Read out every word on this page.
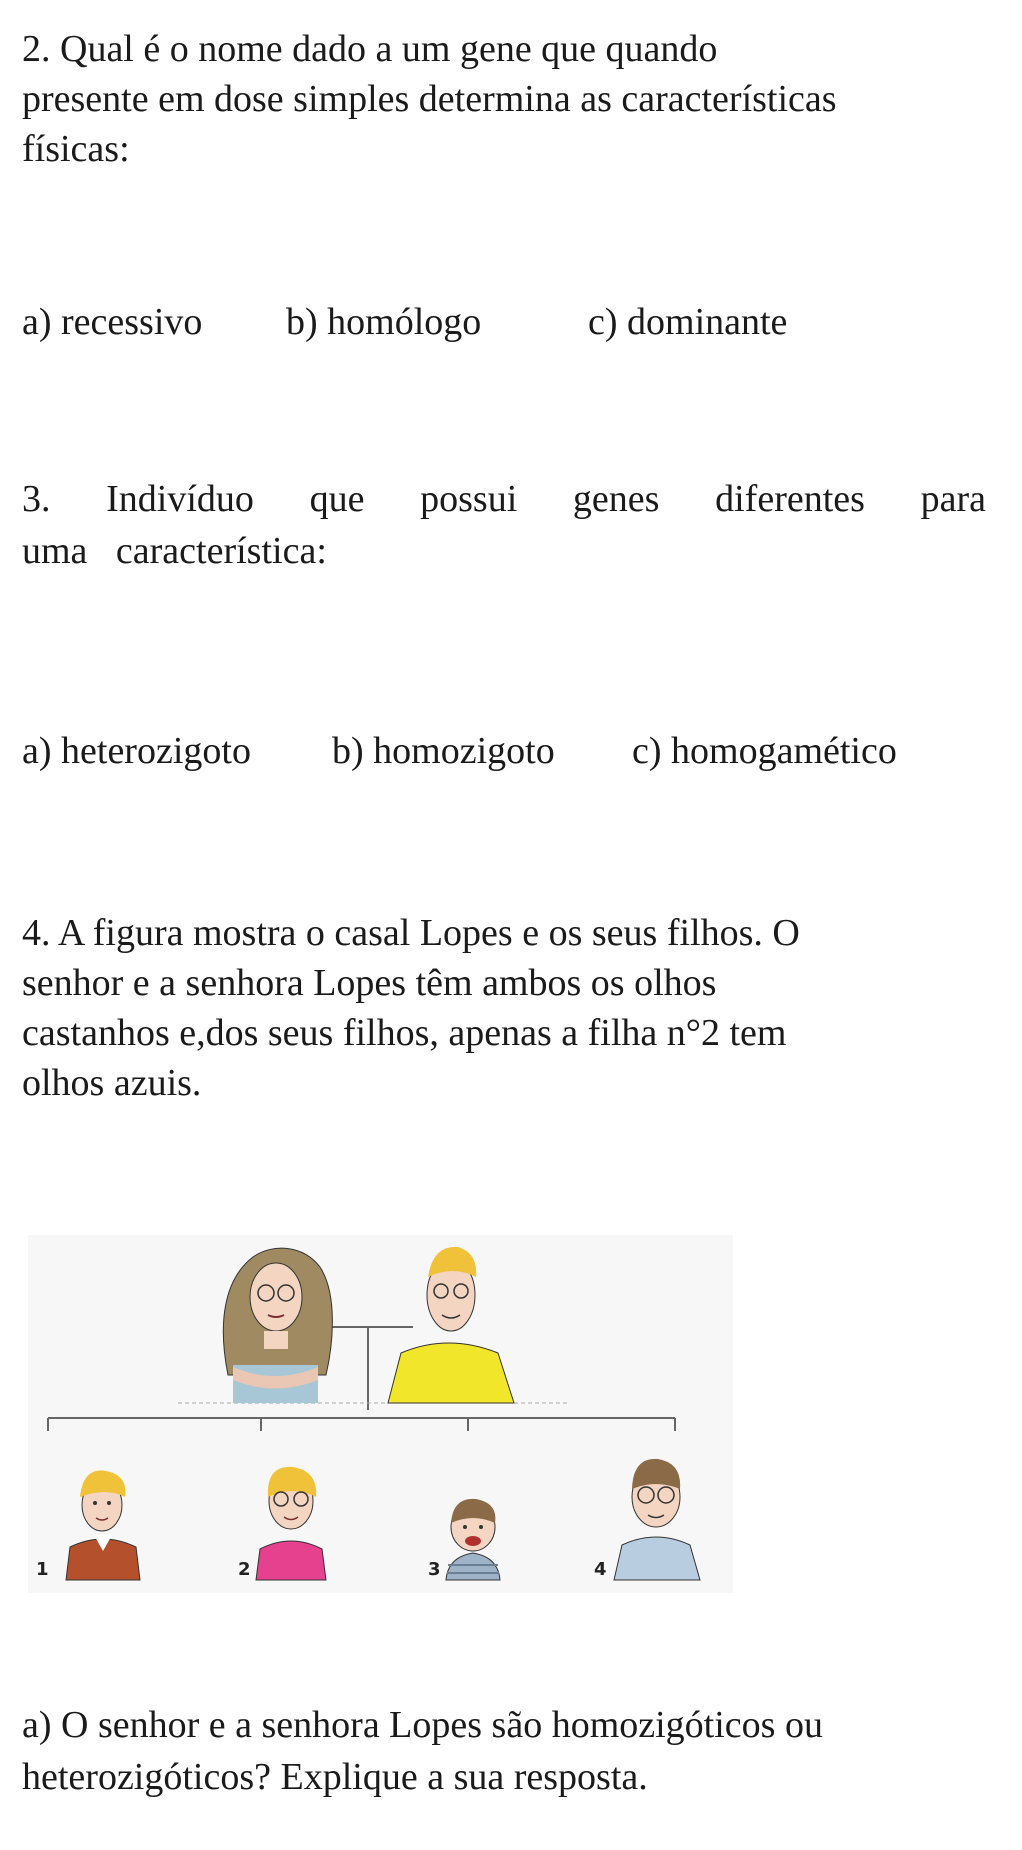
2. Qual é o nome dado a um gene que quando
presente em dose simples determina as características
físicas:
a) recessivo b) homólogo	c) dominante
3. Indivíduo que possui genes diferentes para
uma   característica:
a) heterozigoto b) homozigoto c) homogamético
4. A figura mostra o casal Lopes e os seus filhos. O
senhor e a senhora Lopes têm ambos os olhos
castanhos e,dos seus filhos, apenas a filha n°2 tem
olhos azuis.
1	2	3	4
a) O senhor e a senhora Lopes são homozigóticos ou
heterozigóticos? Explique a sua resposta.
